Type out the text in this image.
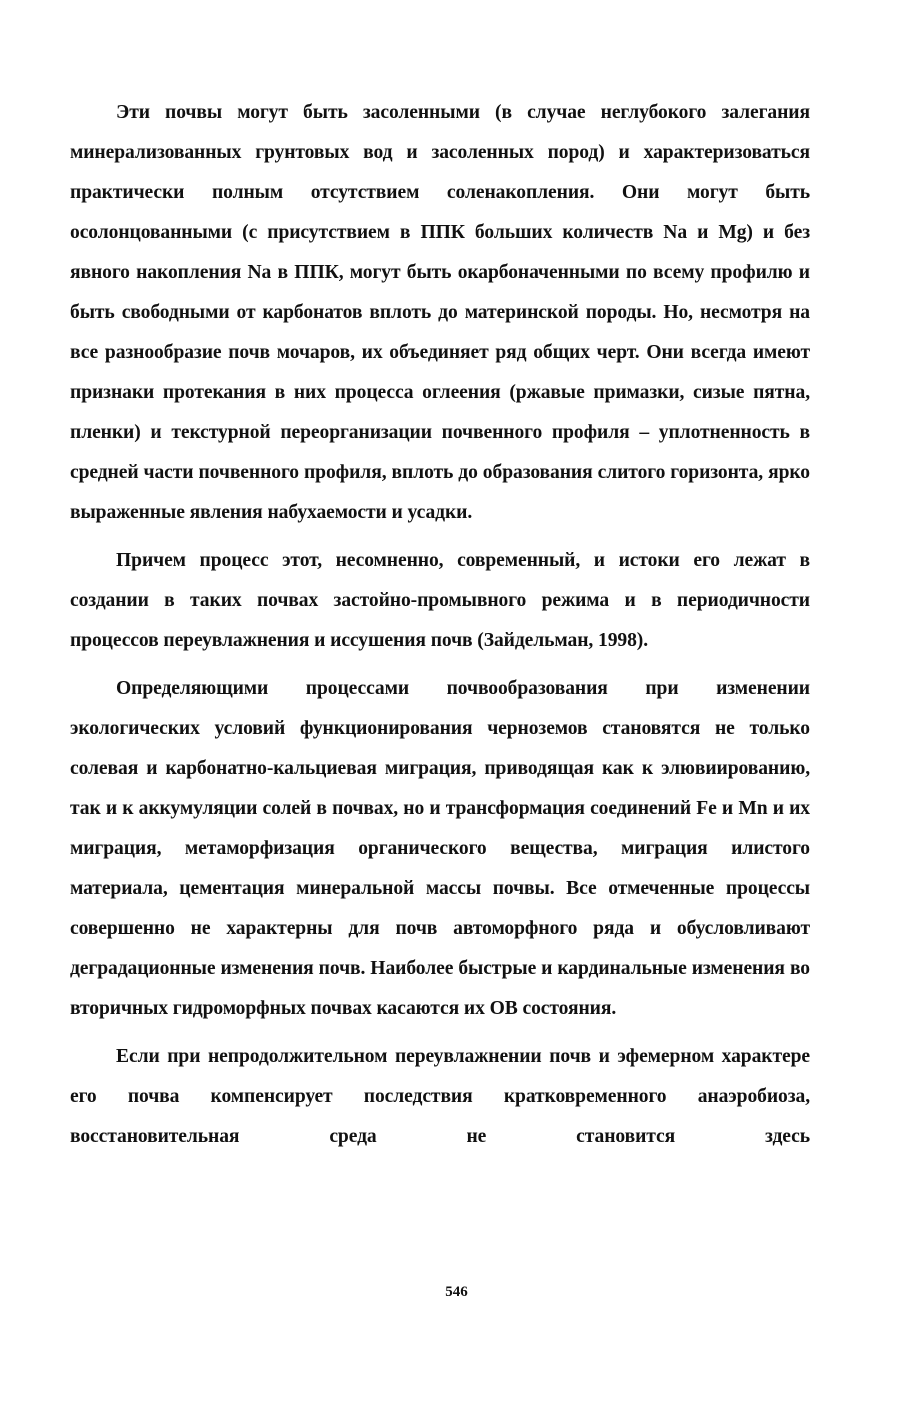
Эти почвы могут быть засоленными (в случае неглубокого залегания минерализованных грунтовых вод и засоленных пород) и характеризоваться практически полным отсутствием соленакопления. Они могут быть осолонцованными (с присутствием в ППК больших количеств Na и Mg) и без явного накопления Na в ППК, могут быть окарбоначенными по всему профилю и быть свободными от карбонатов вплоть до материнской породы. Но, несмотря на все разнообразие почв мочаров, их объединяет ряд общих черт. Они всегда имеют признаки протекания в них процесса оглеения (ржавые примазки, сизые пятна, пленки) и текстурной переорганизации почвенного профиля – уплотненность в средней части почвенного профиля, вплоть до образования слитого горизонта, ярко выраженные явления набухаемости и усадки.

Причем процесс этот, несомненно, современный, и истоки его лежат в создании в таких почвах застойно-промывного режима и в периодичности процессов переувлажнения и иссушения почв (Зайдельман, 1998).

Определяющими процессами почвообразования при изменении экологических условий функционирования черноземов становятся не только солевая и карбонатно-кальциевая миграция, приводящая как к элювиированию, так и к аккумуляции солей в почвах, но и трансформация соединений Fe и Mn и их миграция, метаморфизация органического вещества, миграция илистого материала, цементация минеральной массы почвы. Все отмеченные процессы совершенно не характерны для почв автоморфного ряда и обусловливают деградационные изменения почв. Наиболее быстрые и кардинальные изменения во вторичных гидроморфных почвах касаются их ОВ состояния.

Если при непродолжительном переувлажнении почв и эфемерном характере его почва компенсирует последствия кратковременного анаэробиоза, восстановительная среда не становится здесь

546
